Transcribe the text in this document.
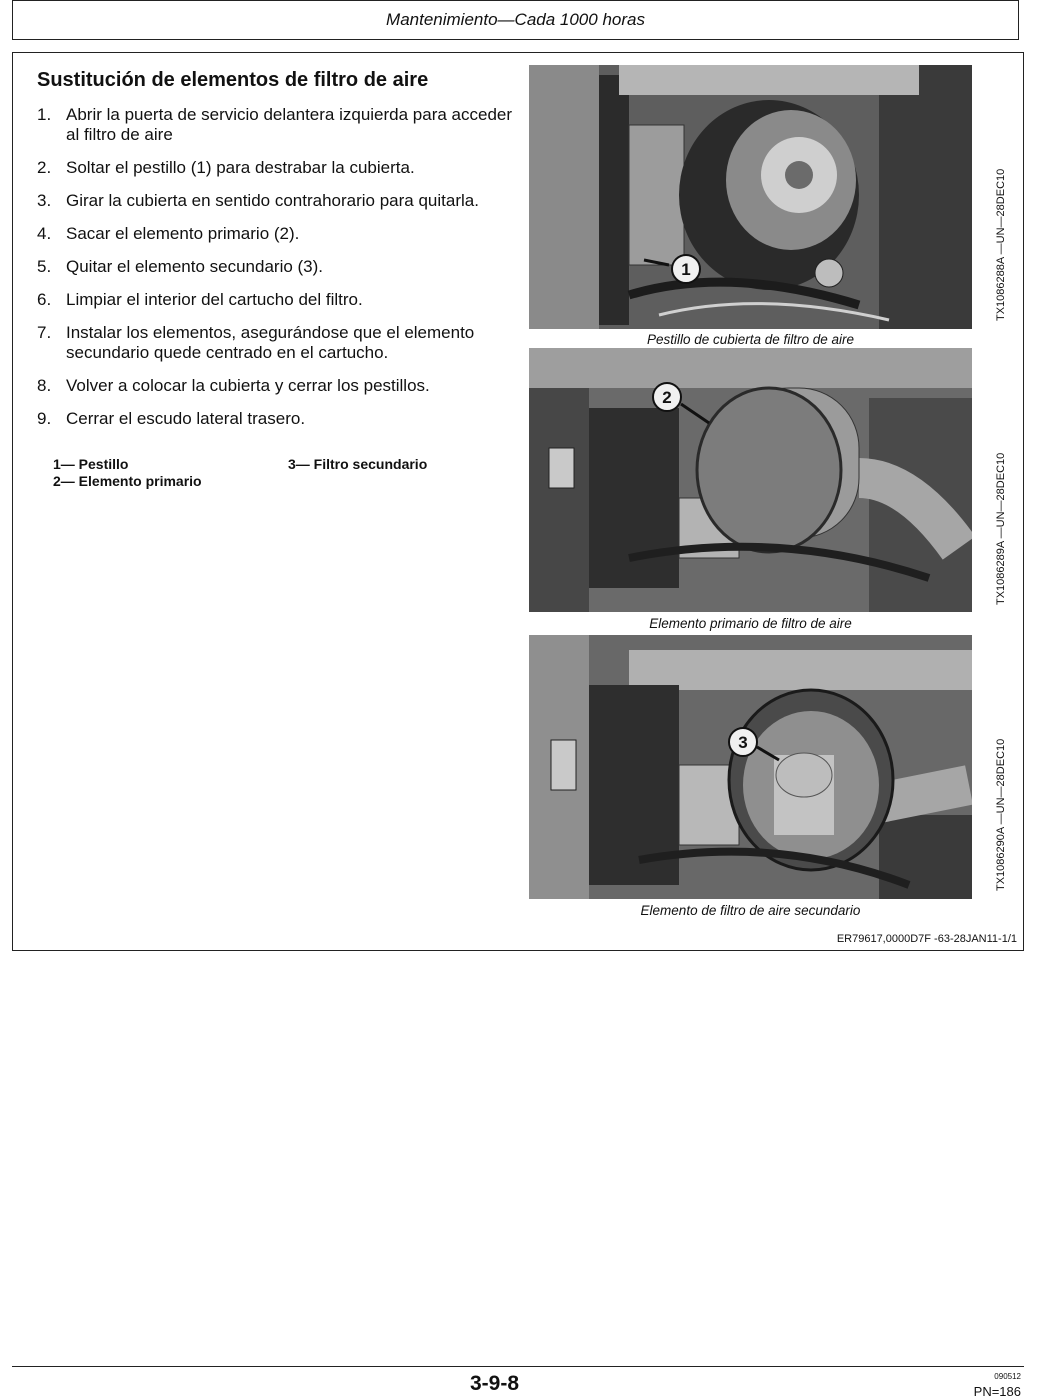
Mantenimiento—Cada 1000 horas
Sustitución de elementos de filtro de aire
1. Abrir la puerta de servicio delantera izquierda para acceder al filtro de aire
2. Soltar el pestillo (1) para destrabar la cubierta.
3. Girar la cubierta en sentido contrahorario para quitarla.
4. Sacar el elemento primario (2).
5. Quitar el elemento secundario (3).
6. Limpiar el interior del cartucho del filtro.
7. Instalar los elementos, asegurándose que el elemento secundario quede centrado en el cartucho.
8. Volver a colocar la cubierta y cerrar los pestillos.
9. Cerrar el escudo lateral trasero.
1— Pestillo
2— Elemento primario
3— Filtro secundario
1
Pestillo de cubierta de filtro de aire
TX1086288A —UN—28DEC10
2
Elemento primario de filtro de aire
TX1086289A —UN—28DEC10
3
Elemento de filtro de aire secundario
TX1086290A —UN—28DEC10
ER79617,0000D7F -63-28JAN11-1/1
3-9-8	090512
PN=186
